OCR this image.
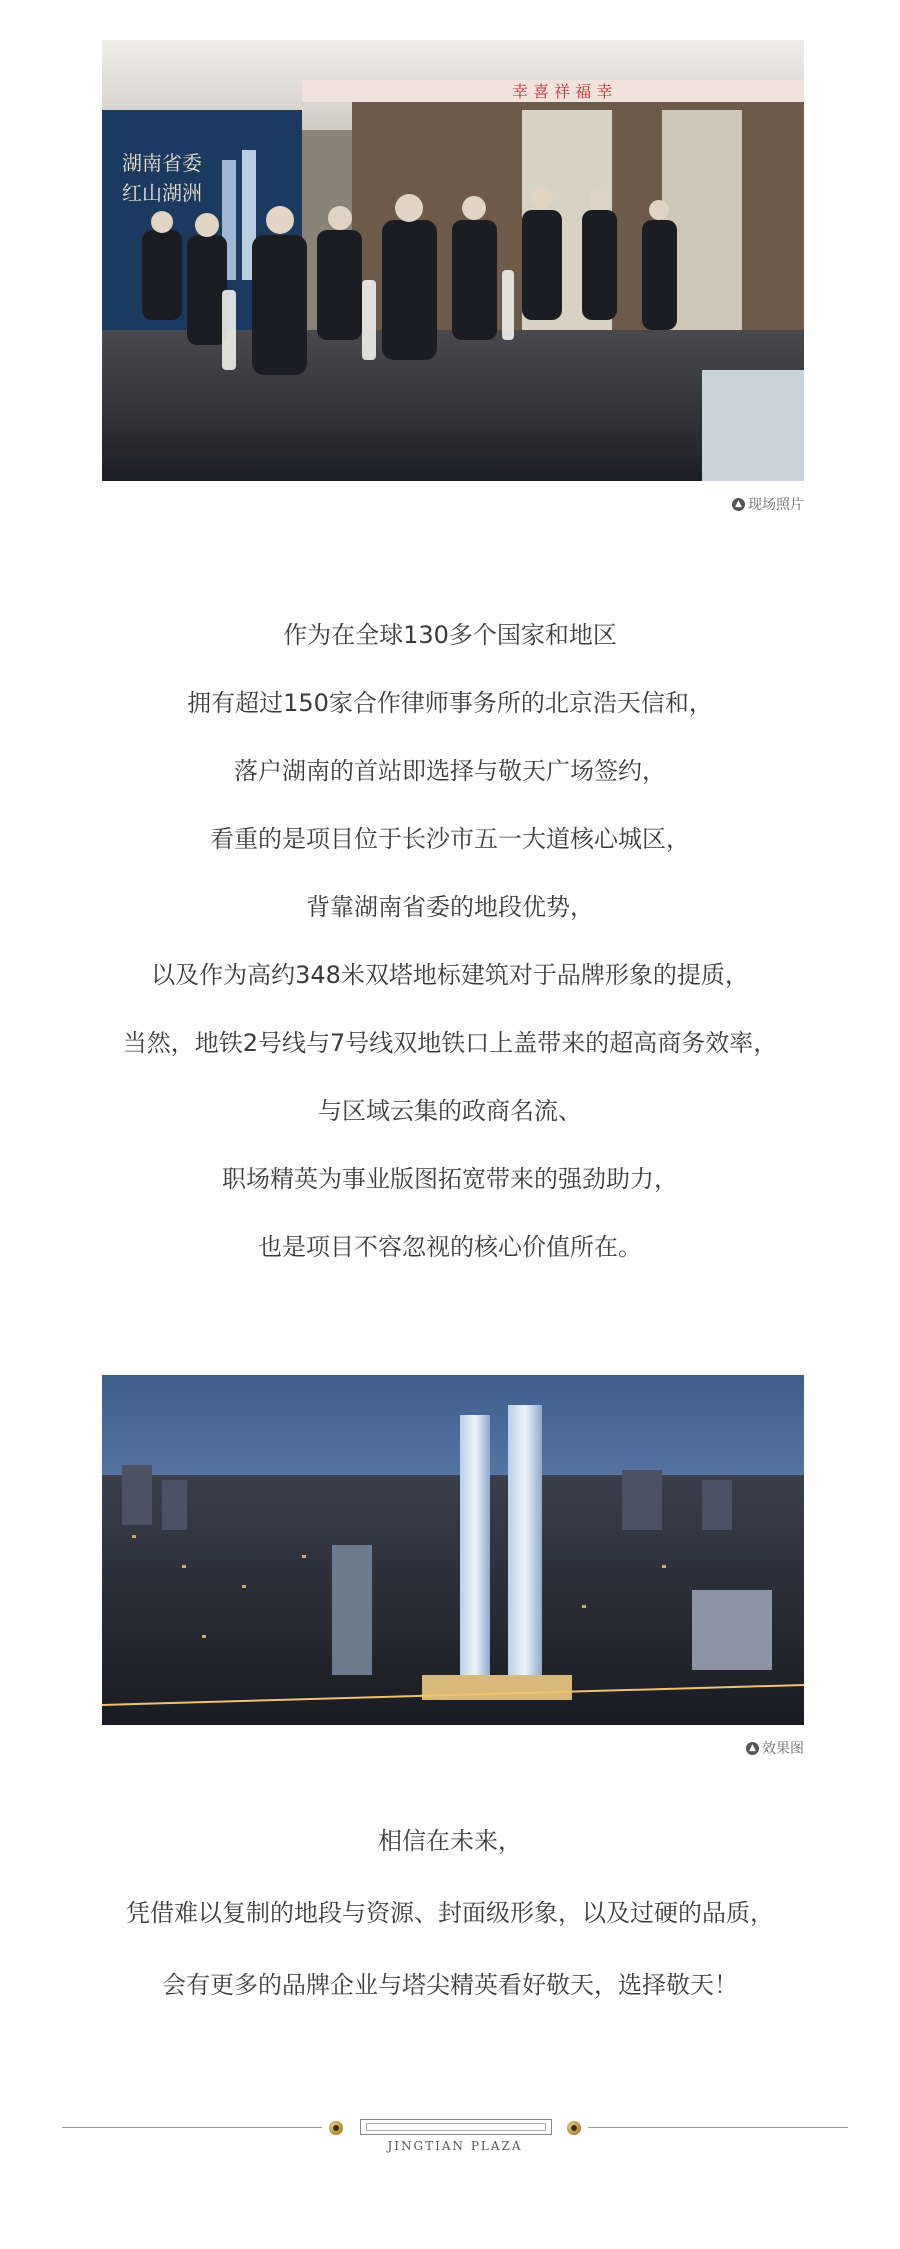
湖南省委
红山湖洲
幸 喜 祥 福 幸
▲ 现场照片

作为在全球130多个国家和地区

拥有超过150家合作律师事务所的北京浩天信和，

落户湖南的首站即选择与敬天广场签约，

看重的是项目位于长沙市五一大道核心城区，

背靠湖南省委的地段优势，

以及作为高约348米双塔地标建筑对于品牌形象的提质，

当然，地铁2号线与7号线双地铁口上盖带来的超高商务效率，

与区域云集的政商名流、

职场精英为事业版图拓宽带来的强劲助力，

也是项目不容忽视的核心价值所在。

▲ 效果图

相信在未来，

凭借难以复制的地段与资源、封面级形象，以及过硬的品质，

会有更多的品牌企业与塔尖精英看好敬天，选择敬天！

JINGTIAN PLAZA
